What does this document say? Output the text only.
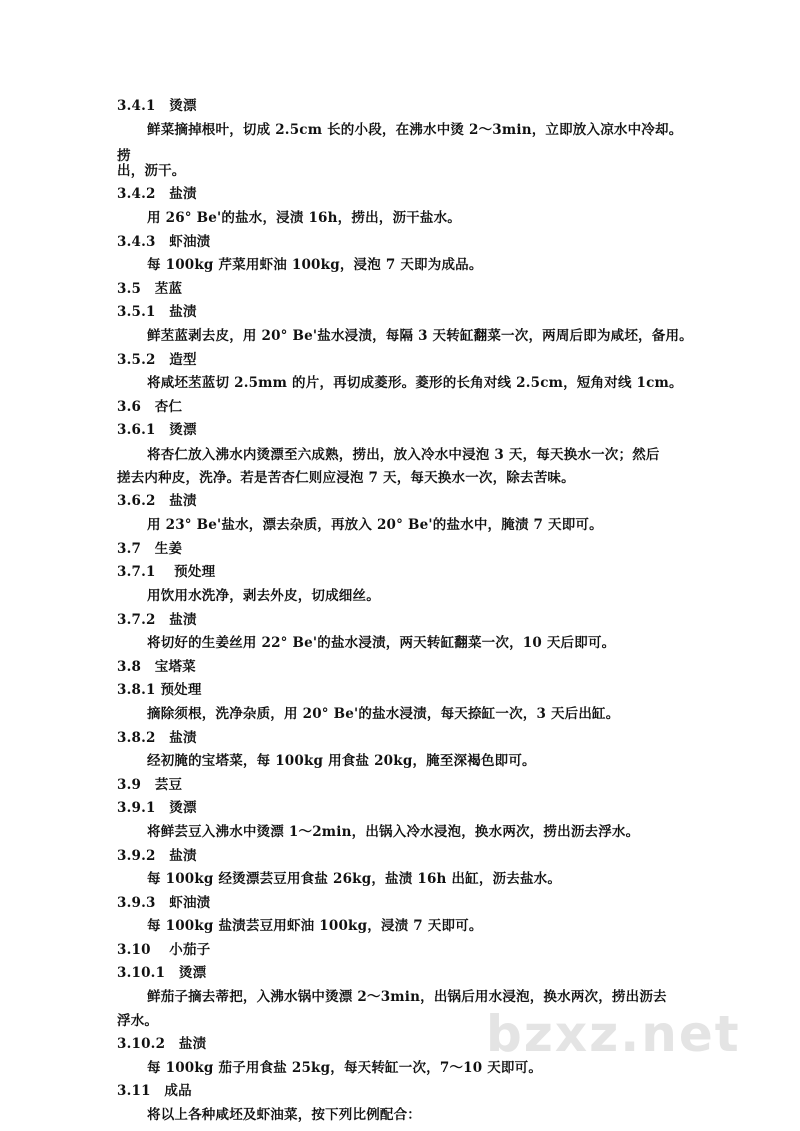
3.4.1　烫漂
鲜菜摘掉根叶，切成 2.5cm 长的小段，在沸水中烫 2～3min，立即放入凉水中冷却。
捞
出，沥干。
3.4.2　盐渍
用 26° Be'的盐水，浸渍 16h，捞出，沥干盐水。
3.4.3　虾油渍
每 100kg 芹菜用虾油 100kg，浸泡 7 天即为成品。
3.5　苤蓝
3.5.1　盐渍
鲜苤蓝剥去皮，用 20° Be'盐水浸渍，每隔 3 天转缸翻菜一次，两周后即为咸坯，备用。
3.5.2　造型
将咸坯苤蓝切 2.5mm 的片，再切成菱形。菱形的长角对线 2.5cm，短角对线 1cm。
3.6　杏仁
3.6.1　烫漂
将杏仁放入沸水内烫漂至六成熟，捞出，放入冷水中浸泡 3 天，每天换水一次；然后
搓去内种皮，洗净。若是苦杏仁则应浸泡 7 天，每天换水一次，除去苦味。
3.6.2　盐渍
用 23° Be'盐水，漂去杂质，再放入 20° Be'的盐水中，腌渍 7 天即可。
3.7　生姜
3.7.1　 预处理
用饮用水洗净，剥去外皮，切成细丝。
3.7.2　盐渍
将切好的生姜丝用 22° Be'的盐水浸渍，两天转缸翻菜一次，10 天后即可。
3.8　宝塔菜
3.8.1 预处理
摘除须根，洗净杂质，用 20° Be'的盐水浸渍，每天捺缸一次，3 天后出缸。
3.8.2　盐渍
经初腌的宝塔菜，每 100kg 用食盐 20kg，腌至深褐色即可。
3.9　芸豆
3.9.1　烫漂
将鲜芸豆入沸水中烫漂 1～2min，出锅入冷水浸泡，换水两次，捞出沥去浮水。
3.9.2　盐渍
每 100kg 经烫漂芸豆用食盐 26kg，盐渍 16h 出缸，沥去盐水。
3.9.3　虾油渍
每 100kg 盐渍芸豆用虾油 100kg，浸渍 7 天即可。
3.10　 小茄子
3.10.1　烫漂
鲜茄子摘去蒂把，入沸水锅中烫漂 2～3min，出锅后用水浸泡，换水两次，捞出沥去
浮水。
3.10.2　盐渍
每 100kg 茄子用食盐 25kg，每天转缸一次，7～10 天即可。
3.11　成品
将以上各种咸坯及虾油菜，按下列比例配合：
bzxz.net
